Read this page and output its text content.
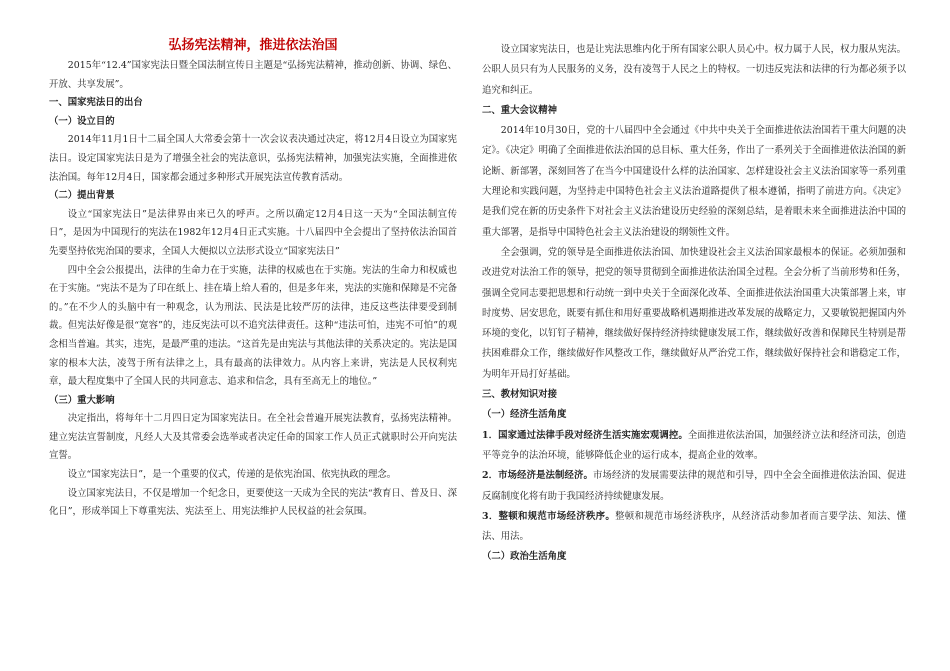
弘扬宪法精神，推进依法治国

2015年“12.4”国家宪法日暨全国法制宣传日主题是“弘扬宪法精神，推动创新、协调、绿色、开放、共享发展”。

一、国家宪法日的出台
（一）设立目的

2014年11月1日十二届全国人大常委会第十一次会议表决通过决定，将12月4日设立为国家宪法日。设定国家宪法日是为了增强全社会的宪法意识，弘扬宪法精神，加强宪法实施，全面推进依法治国。每年12月4日，国家都会通过多种形式开展宪法宣传教育活动。

（二）提出背景

设立“国家宪法日”是法律界由来已久的呼声。之所以确定12月4日这一天为“全国法制宣传日”，是因为中国现行的宪法在1982年12月4日正式实施。十八届四中全会提出了坚持依法治国首先要坚持依宪治国的要求，全国人大便拟以立法形式设立“国家宪法日”

四中全会公报提出，法律的生命力在于实施，法律的权威也在于实施。宪法的生命力和权威也在于实施。“宪法不是为了印在纸上、挂在墙上给人看的，但是多年来，宪法的实施和保障是不完备的。”在不少人的头脑中有一种观念，认为刑法、民法是比较严厉的法律，违反这些法律要受到制裁。但宪法好像是很“宽容”的，违反宪法可以不追究法律责任。这种“违法可怕，违宪不可怕”的观念相当普遍。其实，违宪，是最严重的违法。“这首先是由宪法与其他法律的关系决定的。宪法是国家的根本大法，凌驾于所有法律之上，具有最高的法律效力。从内容上来讲，宪法是人民权利宪章，最大程度集中了全国人民的共同意志、追求和信念，具有至高无上的地位。”

（三）重大影响

决定指出，将每年十二月四日定为国家宪法日。在全社会普遍开展宪法教育，弘扬宪法精神。建立宪法宣誓制度，凡经人大及其常委会选举或者决定任命的国家工作人员正式就职时公开向宪法宣誓。

设立“国家宪法日”，是一个重要的仪式，传递的是依宪治国、依宪执政的理念。

设立国家宪法日，不仅是增加一个纪念日，更要使这一天成为全民的宪法“教育日、普及日、深化日”，形成举国上下尊重宪法、宪法至上、用宪法维护人民权益的社会氛围。

设立国家宪法日，也是让宪法思维内化于所有国家公职人员心中。权力属于人民，权力服从宪法。公职人员只有为人民服务的义务，没有凌驾于人民之上的特权。一切违反宪法和法律的行为都必须予以追究和纠正。

二、重大会议精神

2014年10月30日，党的十八届四中全会通过《中共中央关于全面推进依法治国若干重大问题的决定》。《决定》明确了全面推进依法治国的总目标、重大任务，作出了一系列关于全面推进依法治国的新论断、新部署，深刻回答了在当今中国建设什么样的法治国家、怎样建设社会主义法治国家等一系列重大理论和实践问题，为坚持走中国特色社会主义法治道路提供了根本遵循，指明了前进方向。《决定》是我们党在新的历史条件下对社会主义法治建设历史经验的深刻总结，是着眼未来全面推进法治中国的重大部署，是指导中国特色社会主义法治建设的纲领性文件。

全会强调，党的领导是全面推进依法治国、加快建设社会主义法治国家最根本的保证。必须加强和改进党对法治工作的领导，把党的领导贯彻到全面推进依法治国全过程。全会分析了当前形势和任务，强调全党同志要把思想和行动统一到中央关于全面深化改革、全面推进依法治国重大决策部署上来，审时度势、居安思危，既要有抓住和用好重要战略机遇期推进改革发展的战略定力，又要敏锐把握国内外环境的变化，以钉钉子精神，继续做好保持经济持续健康发展工作，继续做好改善和保障民生特别是帮扶困难群众工作，继续做好作风整改工作，继续做好从严治党工作，继续做好保持社会和谐稳定工作，为明年开局打好基础。

三、教材知识对接
（一）经济生活角度

1．国家通过法律手段对经济生活实施宏观调控。全面推进依法治国，加强经济立法和经济司法，创造平等竞争的法治环境，能够降低企业的运行成本，提高企业的效率。

2．市场经济是法制经济。市场经济的发展需要法律的规范和引导，四中全会全面推进依法治国、促进反腐制度化将有助于我国经济持续健康发展。

3．整顿和规范市场经济秩序。整顿和规范市场经济秩序，从经济活动参加者而言要学法、知法、懂法、用法。

（二）政治生活角度
